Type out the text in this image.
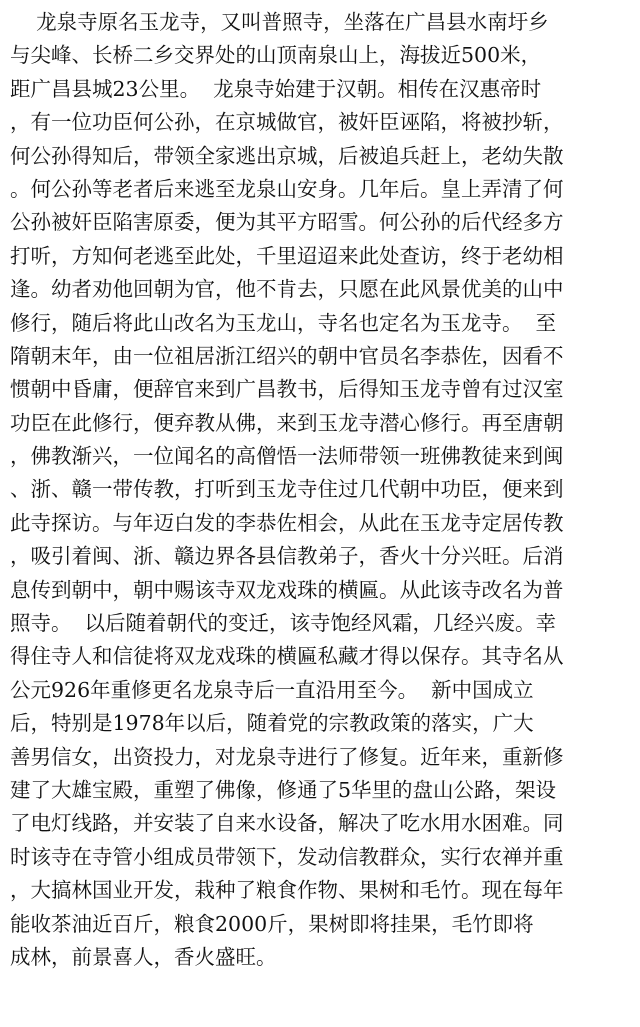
龙泉寺原名玉龙寺，又叫普照寺，坐落在广昌县水南圩乡
与尖峰、长桥二乡交界处的山顶南泉山上，海拔近500米，
距广昌县城23公里。  龙泉寺始建于汉朝。相传在汉惠帝时
，有一位功臣何公孙，在京城做官，被奸臣诬陷，将被抄斩，
何公孙得知后，带领全家逃出京城，后被追兵赶上，老幼失散
。何公孙等老者后来逃至龙泉山安身。几年后。皇上弄清了何
公孙被奸臣陷害原委，便为其平方昭雪。何公孙的后代经多方
打听，方知何老逃至此处，千里迢迢来此处查访，终于老幼相
逢。幼者劝他回朝为官，他不肯去，只愿在此风景优美的山中
修行，随后将此山改名为玉龙山，寺名也定名为玉龙寺。  至
隋朝末年，由一位祖居浙江绍兴的朝中官员名李恭佐，因看不
惯朝中昏庸，便辞官来到广昌教书，后得知玉龙寺曾有过汉室
功臣在此修行，便弃教从佛，来到玉龙寺潜心修行。再至唐朝
，佛教渐兴，一位闻名的高僧悟一法师带领一班佛教徒来到闽
、浙、赣一带传教，打听到玉龙寺住过几代朝中功臣，便来到
此寺探访。与年迈白发的李恭佐相会，从此在玉龙寺定居传教
，吸引着闽、浙、赣边界各县信教弟子，香火十分兴旺。后消
息传到朝中，朝中赐该寺双龙戏珠的横匾。从此该寺改名为普
照寺。  以后随着朝代的变迁，该寺饱经风霜，几经兴废。幸
得住寺人和信徒将双龙戏珠的横匾私藏才得以保存。其寺名从
公元926年重修更名龙泉寺后一直沿用至今。  新中国成立
后，特别是1978年以后，随着党的宗教政策的落实，广大
善男信女，出资投力，对龙泉寺进行了修复。近年来，重新修
建了大雄宝殿，重塑了佛像，修通了5华里的盘山公路，架设
了电灯线路，并安装了自来水设备，解决了吃水用水困难。同
时该寺在寺管小组成员带领下，发动信教群众，实行农禅并重
，大搞林国业开发，栽种了粮食作物、果树和毛竹。现在每年
能收茶油近百斤，粮食2000斤，果树即将挂果，毛竹即将
成林，前景喜人，香火盛旺。
